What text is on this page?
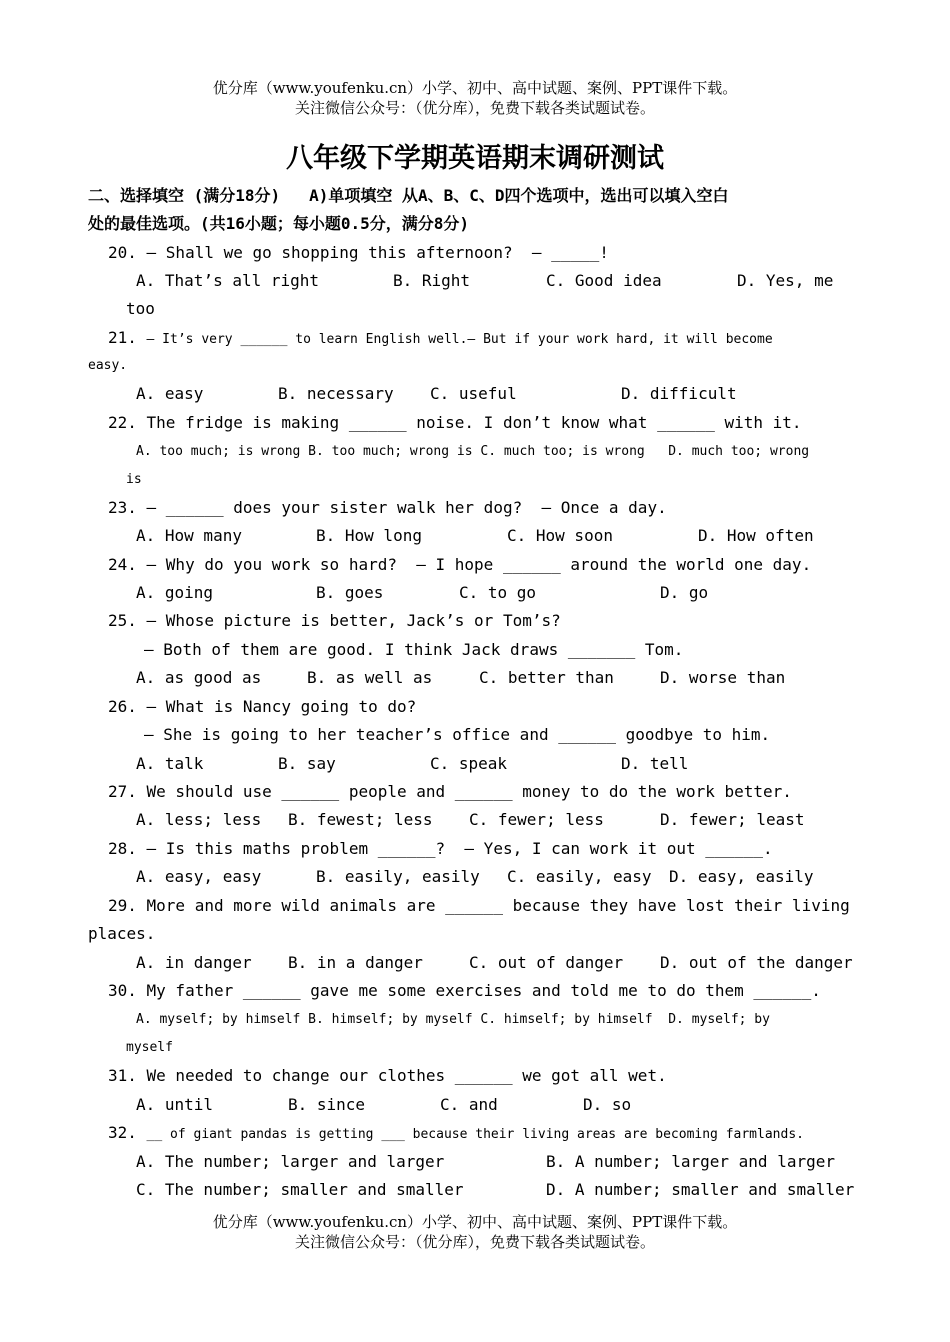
优分库（www.youfenku.cn）小学、初中、高中试题、案例、PPT课件下载。
关注微信公众号：（优分库），免费下载各类试题试卷。
八年级下学期英语期末调研测试
二、选择填空 (满分18分)   A)单项填空 从A、B、C、D四个选项中，选出可以填入空白
处的最佳选项。(共16小题；每小题0.5分，满分8分)
20. — Shall we go shopping this afternoon?  — _____!
A. That’s all right	B. Right	C. Good idea	D. Yes, me
too
21. — It’s very ______ to learn English well.— But if your work hard, it will become
easy.
A. easy	B. necessary C. useful	D. difficult
22. The fridge is making ______ noise. I don’t know what ______ with it.
A. too much; is wrong B. too much; wrong is C. much too; is wrong   D. much too; wrong
is
23. — ______ does your sister walk her dog?  — Once a day.
A. How many	B. How long	C. How soon	D. How often
24. — Why do you work so hard?  — I hope ______ around the world one day.
A. going	B. goes	C. to go	D. go
25. — Whose picture is better, Jack’s or Tom’s?
— Both of them are good. I think Jack draws _______ Tom.
A. as good as	B. as well as	C. better than	D. worse than
26. — What is Nancy going to do?
— She is going to her teacher’s office and ______ goodbye to him.
A. talk	B. say	C. speak	D. tell
27. We should use ______ people and ______ money to do the work better.
A. less; less B. fewest; less C. fewer; less	D. fewer; least
28. — Is this maths problem ______?  — Yes, I can work it out ______.
A. easy, easy	B. easily, easily C. easily, easy D. easy, easily
29. More and more wild animals are ______ because they have lost their living
places.
A. in danger B. in a danger	C. out of danger D. out of the danger
30. My father ______ gave me some exercises and told me to do them ______.
A. myself; by himself B. himself; by myself C. himself; by himself  D. myself; by
myself
31. We needed to change our clothes ______ we got all wet.
A. until	B. since	C. and	D. so
32. __ of giant pandas is getting ___ because their living areas are becoming farmlands.
A. The number; larger and larger	B. A number; larger and larger
C. The number; smaller and smaller	D. A number; smaller and smaller
优分库（www.youfenku.cn）小学、初中、高中试题、案例、PPT课件下载。
关注微信公众号：（优分库），免费下载各类试题试卷。
